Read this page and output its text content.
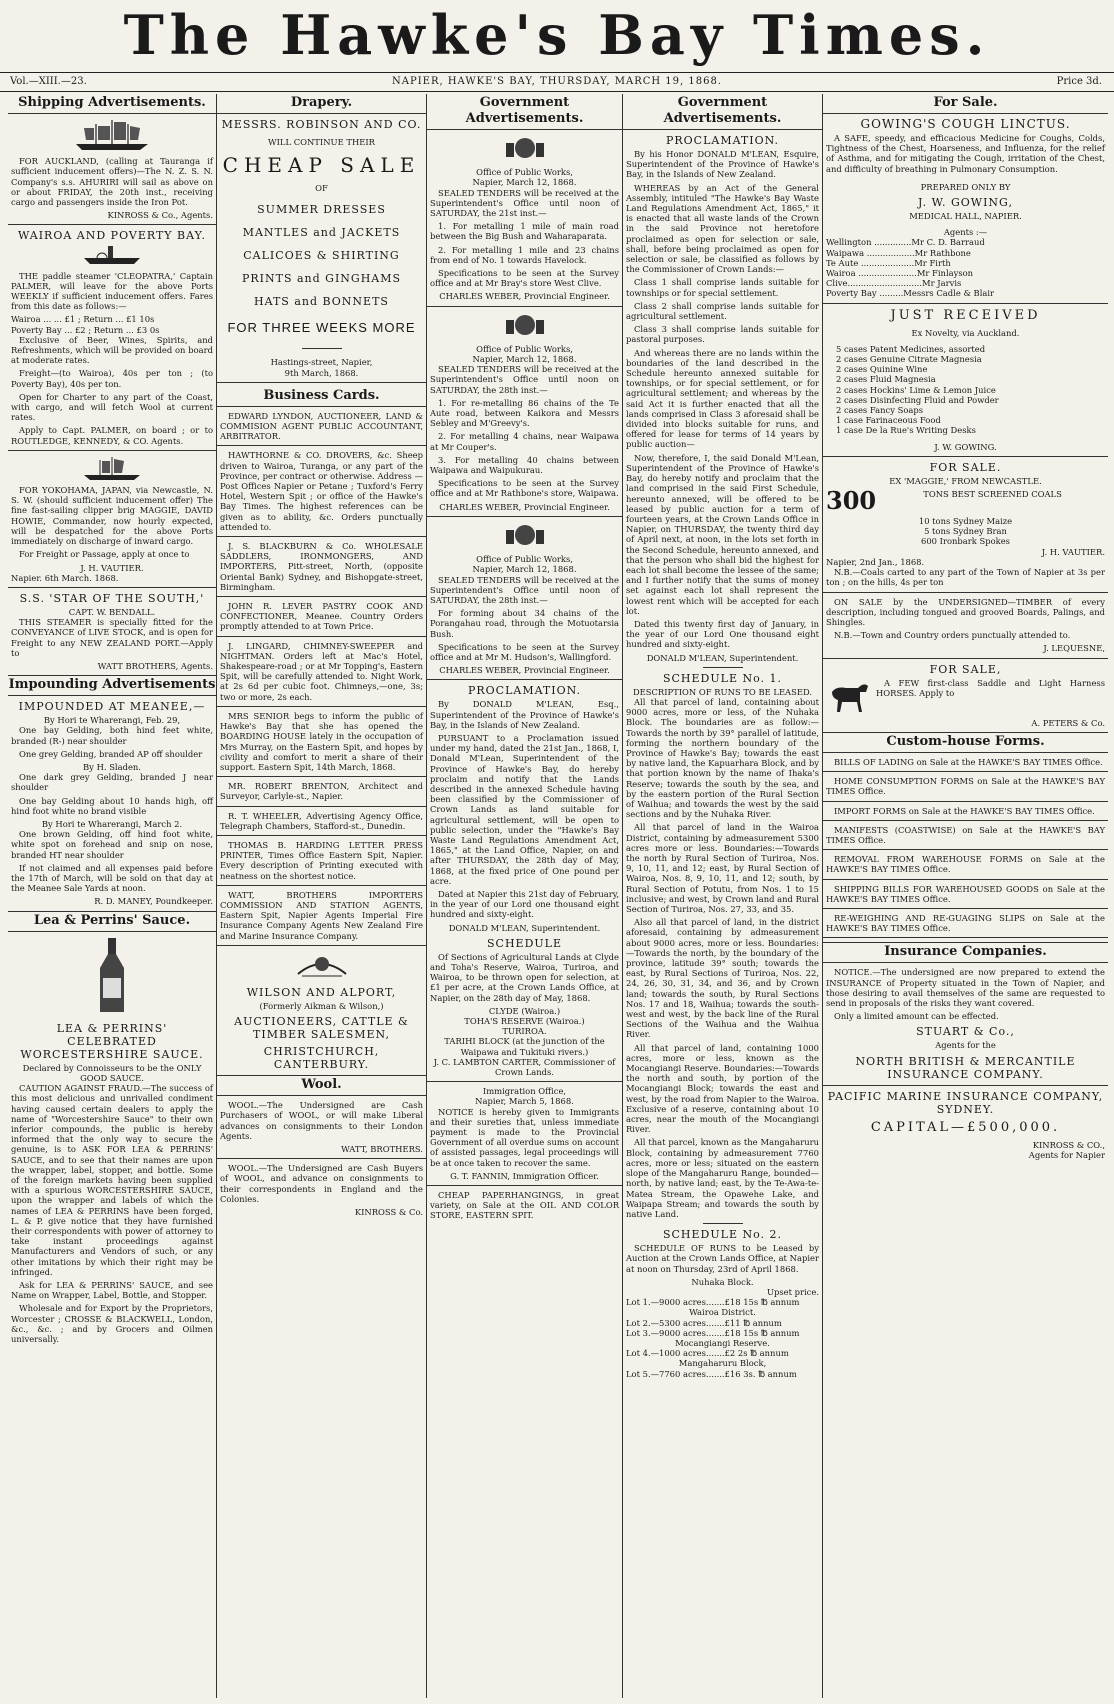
The Hawke's Bay Times.
Vol.—XIII.—23.	NAPIER, HAWKE'S BAY, THURSDAY, MARCH 19, 1868.	Price 3d.
Shipping Advertisements.

FOR AUCKLAND, (calling at Tauranga if sufficient inducement offers)—The N. Z. S. N. Company's s.s. AHURIRI will sail as above on or about FRIDAY, the 20th inst., receiving cargo and passengers inside the Iron Pot.

KINROSS & Co., Agents.
WAIROA AND POVERTY BAY.

THE paddle steamer 'CLEOPATRA,' Captain PALMER, will leave for the above Ports WEEKLY if sufficient inducement offers. Fares from this date as follows:—

Wairoa ... ... £1 ; Return ... £1 10s
Poverty Bay ... £2 ; Return ... £3 0s

Exclusive of Beer, Wines, Spirits, and Refreshments, which will be provided on board at moderate rates.

Freight—(to Wairoa), 40s per ton ; (to Poverty Bay), 40s per ton.

Open for Charter to any part of the Coast, with cargo, and will fetch Wool at current rates.

Apply to Capt. PALMER, on board ; or to ROUTLEDGE, KENNEDY, & CO. Agents.

FOR YOKOHAMA, JAPAN, via Newcastle, N. S. W. (should sufficient inducement offer) The fine fast-sailing clipper brig MAGGIE, DAVID HOWIE, Commander, now hourly expected, will be despatched for the above Ports immediately on discharge of inward cargo.

For Freight or Passage, apply at once to

J. H. VAUTIER.
Napier. 6th March. 1868.
S.S. 'STAR OF THE SOUTH,'
CAPT. W. BENDALL.

THIS STEAMER is specially fitted for the CONVEYANCE of LIVE STOCK, and is open for Freight to any NEW ZEALAND PORT.—Apply to

WATT BROTHERS, Agents.
Impounding Advertisements
IMPOUNDED AT MEANEE,—
By Hori te Wharerangi, Feb. 29,

One bay Gelding, both hind feet white, branded (R-) near shoulder

One grey Gelding, branded AP off shoulder

By H. Sladen.

One dark grey Gelding, branded J near shoulder

One bay Gelding about 10 hands high, off hind foot white no brand visible

By Hori te Wharerangi, March 2.

One brown Gelding, off hind foot white, white spot on forehead and snip on nose, branded HT near shoulder

If not claimed and all expenses paid before the 17th of March, will be sold on that day at the Meanee Sale Yards at noon.

R. D. MANEY, Poundkeeper.
Lea & Perrins' Sauce.
LEA & PERRINS' CELEBRATED WORCESTERSHIRE SAUCE.
Declared by Connoisseurs to be the ONLY GOOD SAUCE.

CAUTION AGAINST FRAUD.—The success of this most delicious and unrivalled condiment having caused certain dealers to apply the name of "Worcestershire Sauce" to their own inferior compounds, the public is hereby informed that the only way to secure the genuine, is to ASK FOR LEA & PERRINS' SAUCE, and to see that their names are upon the wrapper, label, stopper, and bottle. Some of the foreign markets having been supplied with a spurious WORCESTERSHIRE SAUCE, upon the wrapper and labels of which the names of LEA & PERRINS have been forged, L. & P. give notice that they have furnished their correspondents with power of attorney to take instant proceedings against Manufacturers and Vendors of such, or any other imitations by which their right may be infringed.

Ask for LEA & PERRINS' SAUCE, and see Name on Wrapper, Label, Bottle, and Stopper.

Wholesale and for Export by the Proprietors, Worcester ; CROSSE & BLACKWELL, London, &c., &c. ; and by Grocers and Oilmen universally.

Drapery.
MESSRS. ROBINSON AND CO.
WILL CONTINUE THEIR
CHEAP SALE
OF
SUMMER DRESSES
MANTLES and JACKETS
CALICOES & SHIRTING
PRINTS and GINGHAMS
HATS and BONNETS
FOR THREE WEEKS MORE
Hastings-street, Napier,
9th March, 1868.
Business Cards.

EDWARD LYNDON, AUCTIONEER, LAND & COMMISION AGENT PUBLIC ACCOUNTANT, ARBITRATOR.

HAWTHORNE & CO. DROVERS, &c. Sheep driven to Wairoa, Turanga, or any part of the Province, per contract or otherwise. Address —Post Offices Napier or Petane ; Tuxford's Ferry Hotel, Western Spit ; or office of the Hawke's Bay Times. The highest references can be given as to ability, &c. Orders punctually attended to.

J. S. BLACKBURN & Co. WHOLESALE SADDLERS, IRONMONGERS, AND IMPORTERS, Pitt-street, North, (opposite Oriental Bank) Sydney, and Bishopgate-street, Birmingham.

JOHN R. LEVER PASTRY COOK AND CONFECTIONER, Meanee. Country Orders promptly attended to at Town Price.

J. LINGARD, CHIMNEY-SWEEPER and NIGHTMAN. Orders left at Mac's Hotel, Shakespeare-road ; or at Mr Topping's, Eastern Spit, will be carefully attended to. Night Work, at 2s 6d per cubic foot. Chimneys,—one, 3s; two or more, 2s each.

MRS SENIOR begs to inform the public of Hawke's Bay that she has opened the BOARDING HOUSE lately in the occupation of Mrs Murray, on the Eastern Spit, and hopes by civility and comfort to merit a share of their support. Eastern Spit, 14th March, 1868.

MR. ROBERT BRENTON, Architect and Surveyor, Carlyle-st., Napier.

R. T. WHEELER, Advertising Agency Office, Telegraph Chambers, Stafford-st., Dunedin.

THOMAS B. HARDING LETTER PRESS PRINTER, Times Office Eastern Spit, Napier. Every description of Printing executed with neatness on the shortest notice.

WATT, BROTHERS IMPORTERS COMMISSION AND STATION AGENTS, Eastern Spit, Napier Agents Imperial Fire Insurance Company Agents New Zealand Fire and Marine Insurance Company.

WILSON AND ALPORT,
(Formerly Aikman & Wilson,)
AUCTIONEERS, CATTLE & TIMBER SALESMEN,
CHRISTCHURCH, CANTERBURY.
Wool.

WOOL.—The Undersigned are Cash Purchasers of WOOL, or will make Liberal advances on consignments to their London Agents.

WATT, BROTHERS.

WOOL.—The Undersigned are Cash Buyers of WOOL, and advance on consignments to their correspondents in England and the Colonies.

KINROSS & Co.
Government Advertisements.
Office of Public Works,
Napier, March 12, 1868.

SEALED TENDERS will be received at the Superintendent's Office until noon of SATURDAY, the 21st inst.—

1. For metalling 1 mile of main road between the Big Bush and Waharaparata.

2. For metalling 1 mile and 23 chains from end of No. 1 towards Havelock.

Specifications to be seen at the Survey office and at Mr Bray's store West Clive.

CHARLES WEBER, Provincial Engineer.
Office of Public Works,
Napier, March 12, 1868.

SEALED TENDERS will be received at the Superintendent's Office until noon on SATURDAY, the 28th inst.—

1. For re-metalling 86 chains of the Te Aute road, between Kaikora and Messrs Sebley and M'Greevy's.

2. For metalling 4 chains, near Waipawa at Mr Couper's.

3. For metalling 40 chains between Waipawa and Waipukurau.

Specifications to be seen at the Survey office and at Mr Rathbone's store, Waipawa.

CHARLES WEBER, Provincial Engineer.
Office of Public Works,
Napier, March 12, 1868.

SEALED TENDERS will be received at the Superintendent's Office until noon of SATURDAY, the 28th inst.—

For forming about 34 chains of the Porangahau road, through the Motuotarsia Bush.

Specifications to be seen at the Survey office and at Mr M. Hudson's, Wallingford.

CHARLES WEBER, Provincial Engineer.
PROCLAMATION.

By DONALD M'LEAN, Esq., Superintendent of the Province of Hawke's Bay, in the Islands of New Zealand.

PURSUANT to a Proclamation issued under my hand, dated the 21st Jan., 1868, I, Donald M'Lean, Superintendent of the Province of Hawke's Bay, do hereby proclaim and notify that the Lands described in the annexed Schedule having been classified by the Commissioner of Crown Lands as land suitable for agricultural settlement, will be open to public selection, under the "Hawke's Bay Waste Land Regulations Amendment Act, 1865," at the Land Office, Napier, on and after THURSDAY, the 28th day of May, 1868, at the fixed price of One pound per acre.

Dated at Napier this 21st day of February, in the year of our Lord one thousand eight hundred and sixty-eight.

DONALD M'LEAN, Superintendent.
SCHEDULE

Of Sections of Agricultural Lands at Clyde and Toha's Reserve, Wairoa, Turiroa, and Wairoa, to be thrown open for selection, at £1 per acre, at the Crown Lands Office, at Napier, on the 28th day of May, 1868.

CLYDE (Wairoa.)
TOHA'S RESERVE (Wairoa.)
TURIROA.
TARIHI BLOCK (at the junction of the Waipawa and Tukituki rivers.)
J. C. LAMBTON CARTER, Commissioner of Crown Lands.
Immigration Office,
Napier, March 5, 1868.

NOTICE is hereby given to Immigrants and their sureties that, unless immediate payment is made to the Provincial Government of all overdue sums on account of assisted passages, legal proceedings will be at once taken to recover the same.

G. T. FANNIN, Immigration Officer.

CHEAP PAPERHANGINGS, in great variety, on Sale at the OIL AND COLOR STORE, EASTERN SPIT.

Government Advertisements.
PROCLAMATION.

By his Honor DONALD M'LEAN, Esquire, Superintendent of the Province of Hawke's Bay, in the Islands of New Zealand.

WHEREAS by an Act of the General Assembly, intituled "The Hawke's Bay Waste Land Regulations Amendment Act, 1865," it is enacted that all waste lands of the Crown in the said Province not heretofore proclaimed as open for selection or sale, shall, before being proclaimed as open for selection or sale, be classified as follows by the Commissioner of Crown Lands:—

Class 1 shall comprise lands suitable for townships or for special settlement.

Class 2 shall comprise lands suitable for agricultural settlement.

Class 3 shall comprise lands suitable for pastoral purposes.

And whereas there are no lands within the boundaries of the land described in the Schedule hereunto annexed suitable for townships, or for special settlement, or for agricultural settlement; and whereas by the said Act it is further enacted that all the lands comprised in Class 3 aforesaid shall be divided into blocks suitable for runs, and offered for lease for terms of 14 years by public auction—

Now, therefore, I, the said Donald M'Lean, Superintendent of the Province of Hawke's Bay, do hereby notify and proclaim that the land comprised in the said First Schedule, hereunto annexed, will be offered to be leased by public auction for a term of fourteen years, at the Crown Lands Office in Napier, on THURSDAY, the twenty third day of April next, at noon, in the lots set forth in the Second Schedule, hereunto annexed, and that the person who shall bid the highest for each lot shall become the lessee of the same; and I further notify that the sums of money set against each lot shall represent the lowest rent which will be accepted for each lot.

Dated this twenty first day of January, in the year of our Lord One thousand eight hundred and sixty-eight.

DONALD M'LEAN, Superintendent.
SCHEDULE No. 1.
DESCRIPTION OF RUNS TO BE LEASED.

All that parcel of land, containing about 9000 acres, more or less, of the Nuhaka Block. The boundaries are as follow:—Towards the north by 39° parallel of latitude, forming the northern boundary of the Province of Hawke's Bay; towards the east by native land, the Kapuarhara Block, and by that portion known by the name of Ihaka's Reserve; towards the south by the sea, and by the eastern portion of the Rural Section of Waihua; and towards the west by the said sections and by the Nuhaka River.

All that parcel of land in the Wairoa District, containing by admeasurement 5300 acres more or less. Boundaries:—Towards the north by Rural Section of Turiroa, Nos. 9, 10, 11, and 12; east, by Rural Section of Wairoa, Nos. 8, 9, 10, 11, and 12; south, by Rural Section of Potutu, from Nos. 1 to 15 inclusive; and west, by Crown land and Rural Section of Turiroa, Nos. 27, 33, and 35.

Also all that parcel of land, in the district aforesaid, containing by admeasurement about 9000 acres, more or less. Boundaries:—Towards the north, by the boundary of the province, latitude 39° south; towards the east, by Rural Sections of Turiroa, Nos. 22, 24, 26, 30, 31, 34, and 36, and by Crown land; towards the south, by Rural Sections Nos. 17 and 18, Waihua; towards the south-west and west, by the back line of the Rural Sections of the Waihua and the Waihua River.

All that parcel of land, containing 1000 acres, more or less, known as the Mocangiangi Reserve. Boundaries:—Towards the north and south, by portion of the Mocangiangi Block; towards the east and west, by the road from Napier to the Wairoa. Exclusive of a reserve, containing about 10 acres, near the mouth of the Mocangiangi River.

All that parcel, known as the Mangaharuru Block, containing by admeasurement 7760 acres, more or less; situated on the eastern slope of the Mangaharuru Range, bounded—north, by native land; east, by the Te-Awa-te-Matea Stream, the Opawehe Lake, and Waipapa Stream; and towards the south by native Land.

SCHEDULE No. 2.

SCHEDULE OF RUNS to be Leased by Auction at the Crown Lands Office, at Napier at noon on Thursday, 23rd of April 1868.

Nuhaka Block.
Upset price.
Lot 1.—9000 acres.......£18 15s ℔ annum
Wairoa District.
Lot 2.—5300 acres.......£11 ℔ annum
Lot 3.—9000 acres.......£18 15s ℔ annum
Mocangiangi Reserve.
Lot 4.—1000 acres.......£2 2s ℔ annum
Mangaharuru Block,
Lot 5.—7760 acres.......£16 3s. ℔ annum
For Sale.
GOWING'S COUGH LINCTUS.

A SAFE, speedy, and efficacious Medicine for Coughs, Colds, Tightness of the Chest, Hoarseness, and Influenza, for the relief of Asthma, and for mitigating the Cough, irritation of the Chest, and difficulty of breathing in Pulmonary Consumption.

PREPARED ONLY BY
J. W. GOWING,
MEDICAL HALL, NAPIER.
Agents :—
Wellington ..............Mr C. D. Barraud
Waipawa ..................Mr Rathbone
Te Aute ....................Mr Firth
Wairoa ......................Mr Finlayson
Clive............................Mr Jarvis
Poverty Bay .........Messrs Cadle & Blair
JUST RECEIVED
Ex Novelty, via Auckland.
5 cases Patent Medicines, assorted
2 cases Genuine Citrate Magnesia
2 cases Quinine Wine
2 cases Fluid Magnesia
2 cases Hockins' Lime & Lemon Juice
2 cases Disinfecting Fluid and Powder
2 cases Fancy Soaps
1 case Farinaceous Food
1 case De la Rue's Writing Desks
J. W. GOWING.
FOR SALE.
EX 'MAGGIE,' FROM NEWCASTLE.
300	TONS BEST SCREENED COALS
10 tons Sydney Maize
5 tons Sydney Bran
600 Ironbark Spokes
J. H. VAUTIER.
Napier, 2nd Jan., 1868.

N.B.—Coals carted to any part of the Town of Napier at 3s per ton ; on the hills, 4s per ton

ON SALE by the UNDERSIGNED—TIMBER of every description, including tongued and grooved Boards, Palings, and Shingles.

N.B.—Town and Country orders punctually attended to.

J. LEQUESNE,
FOR SALE,

A FEW first-class Saddle and Light Harness HORSES. Apply to

A. PETERS & Co.
Custom-house Forms.

BILLS OF LADING on Sale at the HAWKE'S BAY TIMES Office.

HOME CONSUMPTION FORMS on Sale at the HAWKE'S BAY TIMES Office.

IMPORT FORMS on Sale at the HAWKE'S BAY TIMES Office.

MANIFESTS (COASTWISE) on Sale at the HAWKE'S BAY TIMES Office.

REMOVAL FROM WAREHOUSE FORMS on Sale at the HAWKE'S BAY TIMES Office.

SHIPPING BILLS FOR WAREHOUSED GOODS on Sale at the HAWKE'S BAY TIMES Office.

RE-WEIGHING AND RE-GUAGING SLIPS on Sale at the HAWKE'S BAY TIMES Office.

Insurance Companies.

NOTICE.—The undersigned are now prepared to extend the INSURANCE of Property situated in the Town of Napier, and those desiring to avail themselves of the same are requested to send in proposals of the risks they want covered.

Only a limited amount can be effected.

STUART & Co.,
Agents for the
NORTH BRITISH & MERCANTILE INSURANCE COMPANY.
PACIFIC MARINE INSURANCE COMPANY, SYDNEY.
CAPITAL—£500,000.
KINROSS & CO.,
Agents for Napier
